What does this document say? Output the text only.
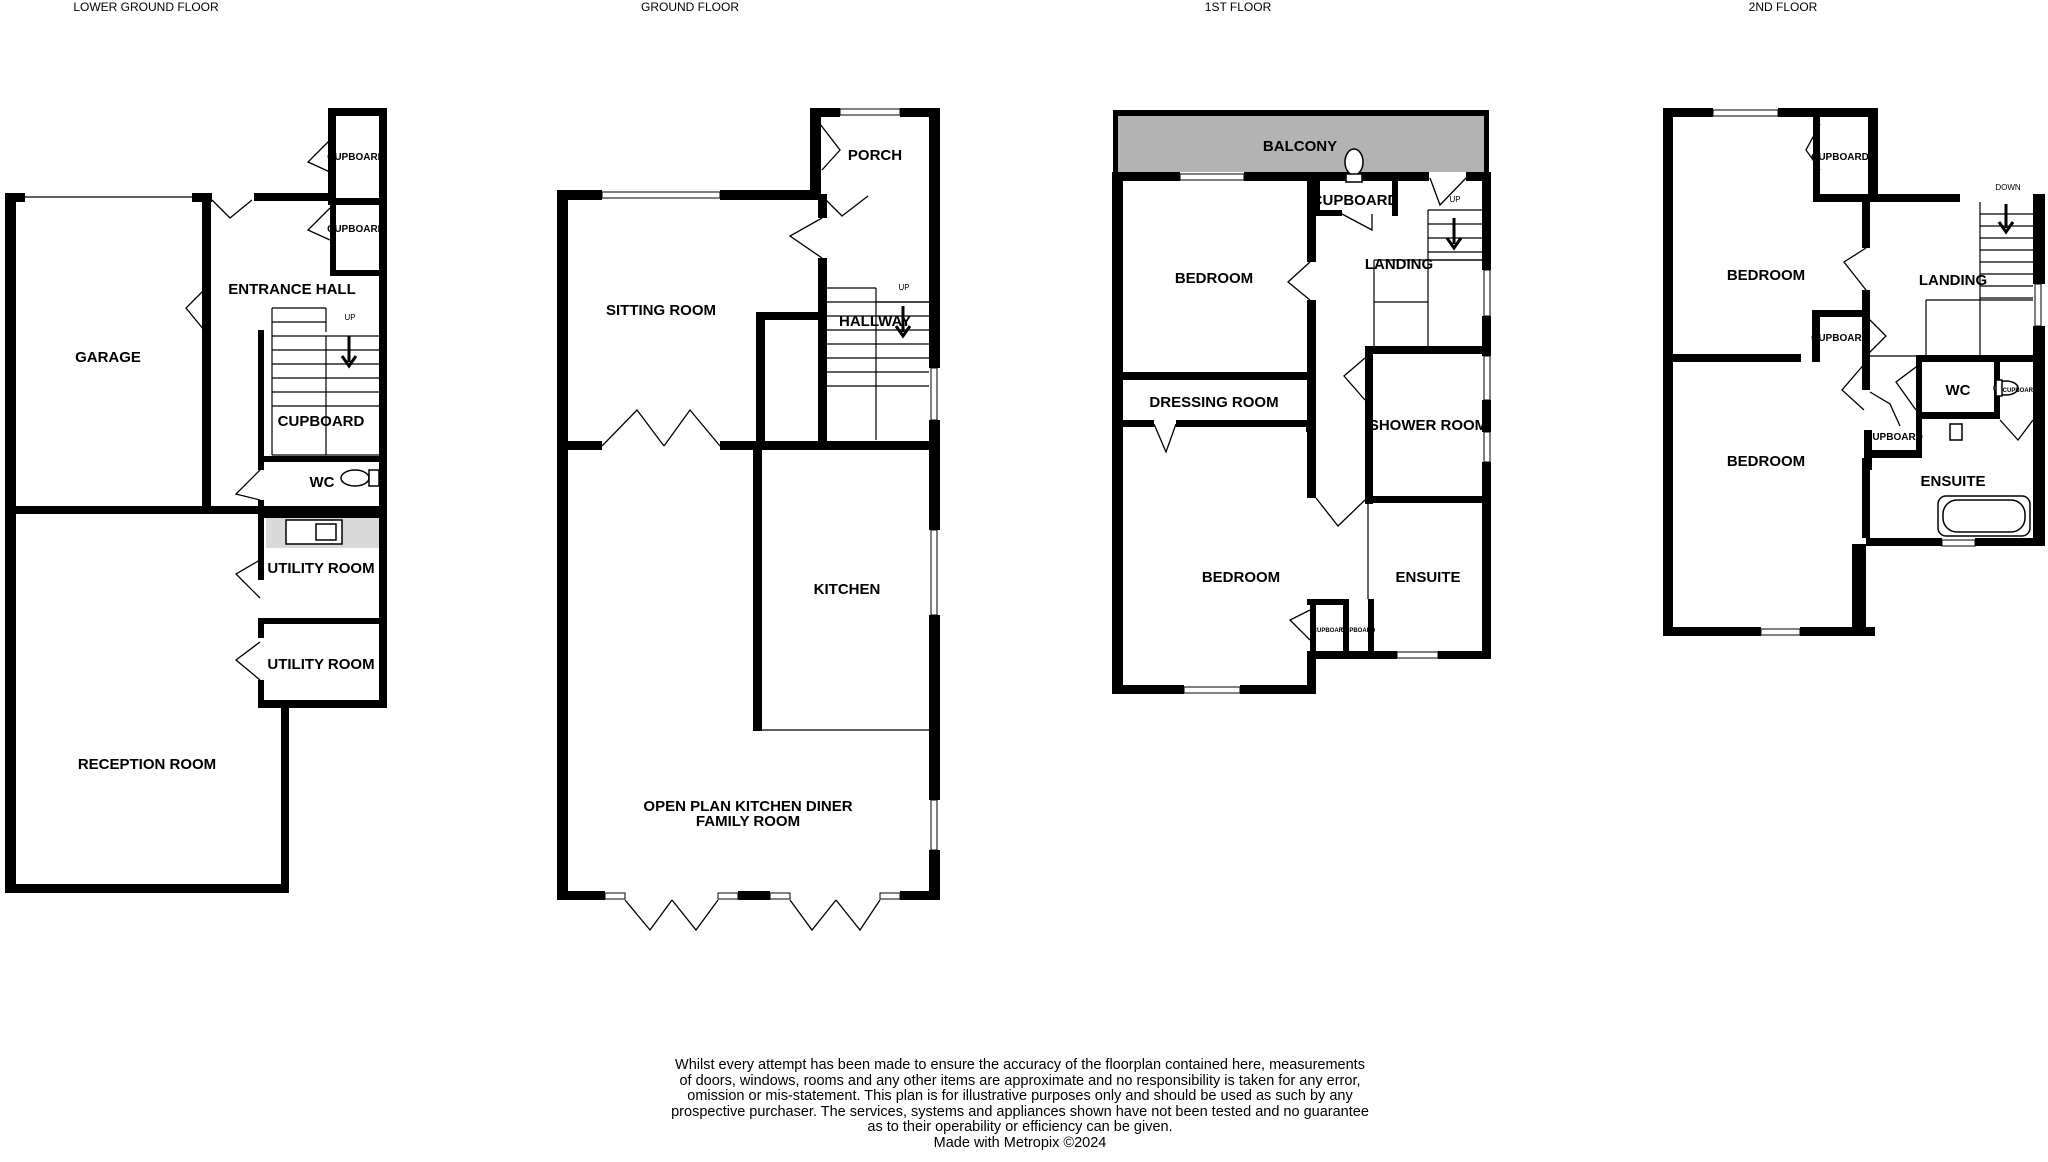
LOWER GROUND FLOOR
UP
GARAGE
ENTRANCE HALL
CUPBOARD
CUPBOARD
CUPBOARD
WC
UTILITY ROOM
UTILITY ROOM
RECEPTION ROOM
GROUND FLOOR
UP
PORCH
SITTING ROOM
HALLWAY
KITCHEN
OPEN PLAN KITCHEN DINER
FAMILY ROOM
1ST FLOOR
UP
BALCONY
CUPBOARD
BEDROOM
LANDING
DRESSING ROOM
SHOWER ROOM
BEDROOM	ENSUITE
CUPBOARD
CUPBOARD
2ND FLOOR
DOWN
CUPBOARD
BEDROOM	LANDING
CUPBOARD
WC	CUPBOARD
BEDROOM
CUPBOARD
ENSUITE

Whilst every attempt has been made to ensure the accuracy of the floorplan contained here, measurements

of doors, windows, rooms and any other items are approximate and no responsibility is taken for any error,

omission or mis-statement. This plan is for illustrative purposes only and should be used as such by any

prospective purchaser. The services, systems and appliances shown have not been tested and no guarantee

as to their operability or efficiency can be given.

Made with Metropix ©2024
